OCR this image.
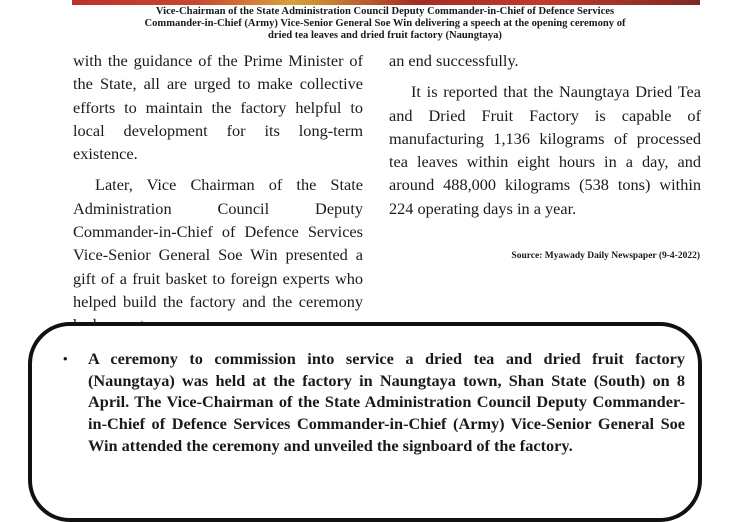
Vice-Chairman of the State Administration Council Deputy Commander-in-Chief of Defence Services
Commander-in-Chief (Army) Vice-Senior General Soe Win delivering a speech at the opening ceremony of
dried tea leaves and dried fruit factory (Naungtaya)

with the guidance of the Prime Minister of the State, all are urged to make collective efforts to maintain the factory helpful to local development for its long-term existence.

Later, Vice Chairman of the State Administration Council Deputy Commander-in-Chief of Defence Services Vice-Senior General Soe Win presented a gift of a fruit basket to foreign experts who helped build the factory and the ceremony

an end successfully.

It is reported that the Naungtaya Dried Tea and Dried Fruit Factory is capable of manufacturing 1,136 kilograms of processed tea leaves within eight hours in a day, and around 488,000 kilograms (538 tons) within 224 operating days in a year.

Source: Myawady Daily Newspaper (9-4-2022)
• A ceremony to commission into service a dried tea and dried fruit factory (Naungtaya) was held at the factory in Naungtaya town, Shan State (South) on 8 April. The Vice-Chairman of the State Administration Council Deputy Commander-in-Chief of Defence Services Commander-in-Chief (Army) Vice-Senior General Soe Win attended the ceremony and unveiled the signboard of the factory.
